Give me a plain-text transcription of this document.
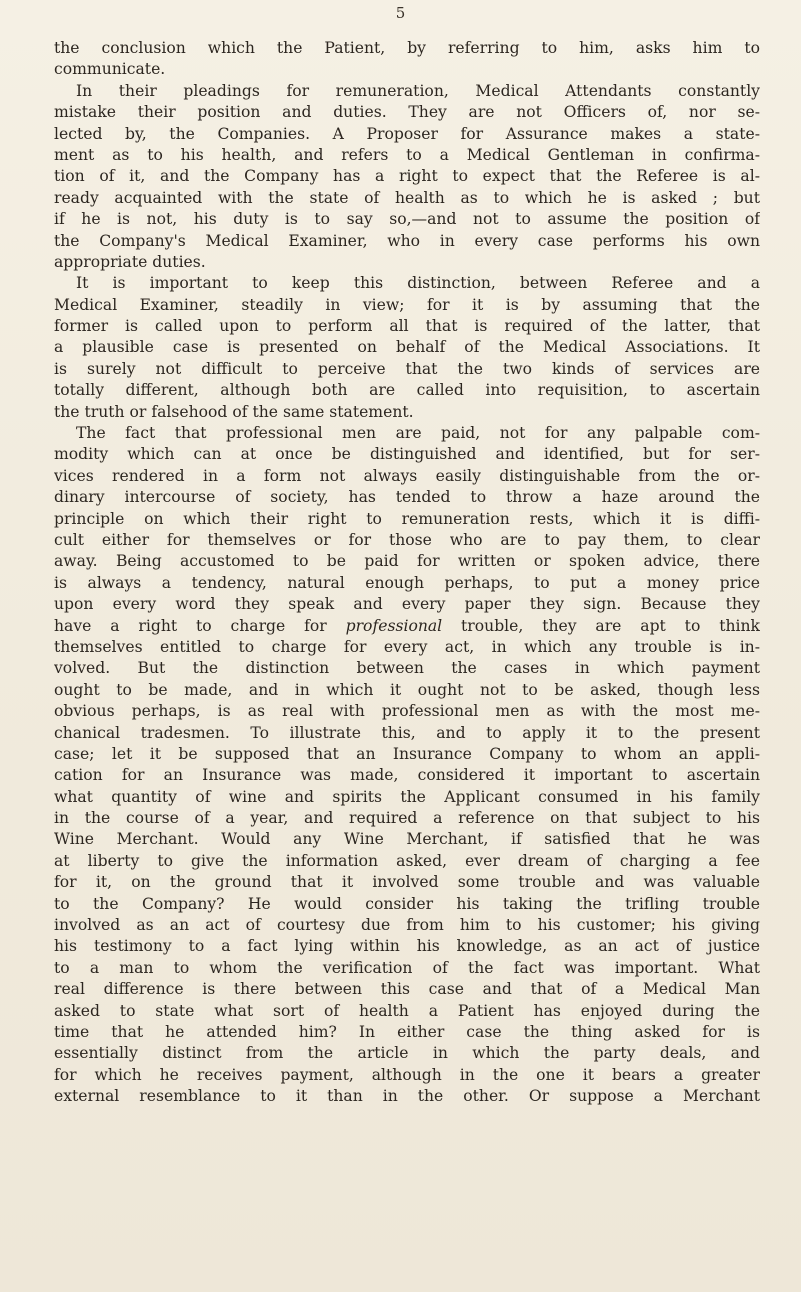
5
the conclusion which the Patient, by referring to him, asks him to
communicate.
In their pleadings for remuneration, Medical Attendants constantly
mistake their position and duties. They are not Officers of, nor se-
lected by, the Companies. A Proposer for Assurance makes a state-
ment as to his health, and refers to a Medical Gentleman in confirma-
tion of it, and the Company has a right to expect that the Referee is al-
ready acquainted with the state of health as to which he is asked ; but
if he is not, his duty is to say so,—and not to assume the position of
the Company's Medical Examiner, who in every case performs his own
appropriate duties.
It is important to keep this distinction, between Referee and a
Medical Examiner, steadily in view; for it is by assuming that the
former is called upon to perform all that is required of the latter, that
a plausible case is presented on behalf of the Medical Associations. It
is surely not difficult to perceive that the two kinds of services are
totally different, although both are called into requisition, to ascertain
the truth or falsehood of the same statement.
The fact that professional men are paid, not for any palpable com-
modity which can at once be distinguished and identified, but for ser-
vices rendered in a form not always easily distinguishable from the or-
dinary intercourse of society, has tended to throw a haze around the
principle on which their right to remuneration rests, which it is diffi-
cult either for themselves or for those who are to pay them, to clear
away. Being accustomed to be paid for written or spoken advice, there
is always a tendency, natural enough perhaps, to put a money price
upon every word they speak and every paper they sign. Because they
have a right to charge for professional trouble, they are apt to think
themselves entitled to charge for every act, in which any trouble is in-
volved. But the distinction between the cases in which payment
ought to be made, and in which it ought not to be asked, though less
obvious perhaps, is as real with professional men as with the most me-
chanical tradesmen. To illustrate this, and to apply it to the present
case; let it be supposed that an Insurance Company to whom an appli-
cation for an Insurance was made, considered it important to ascertain
what quantity of wine and spirits the Applicant consumed in his family
in the course of a year, and required a reference on that subject to his
Wine Merchant. Would any Wine Merchant, if satisfied that he was
at liberty to give the information asked, ever dream of charging a fee
for it, on the ground that it involved some trouble and was valuable
to the Company? He would consider his taking the trifling trouble
involved as an act of courtesy due from him to his customer; his giving
his testimony to a fact lying within his knowledge, as an act of justice
to a man to whom the verification of the fact was important. What
real difference is there between this case and that of a Medical Man
asked to state what sort of health a Patient has enjoyed during the
time that he attended him? In either case the thing asked for is
essentially distinct from the article in which the party deals, and
for which he receives payment, although in the one it bears a greater
external resemblance to it than in the other. Or suppose a Merchant
